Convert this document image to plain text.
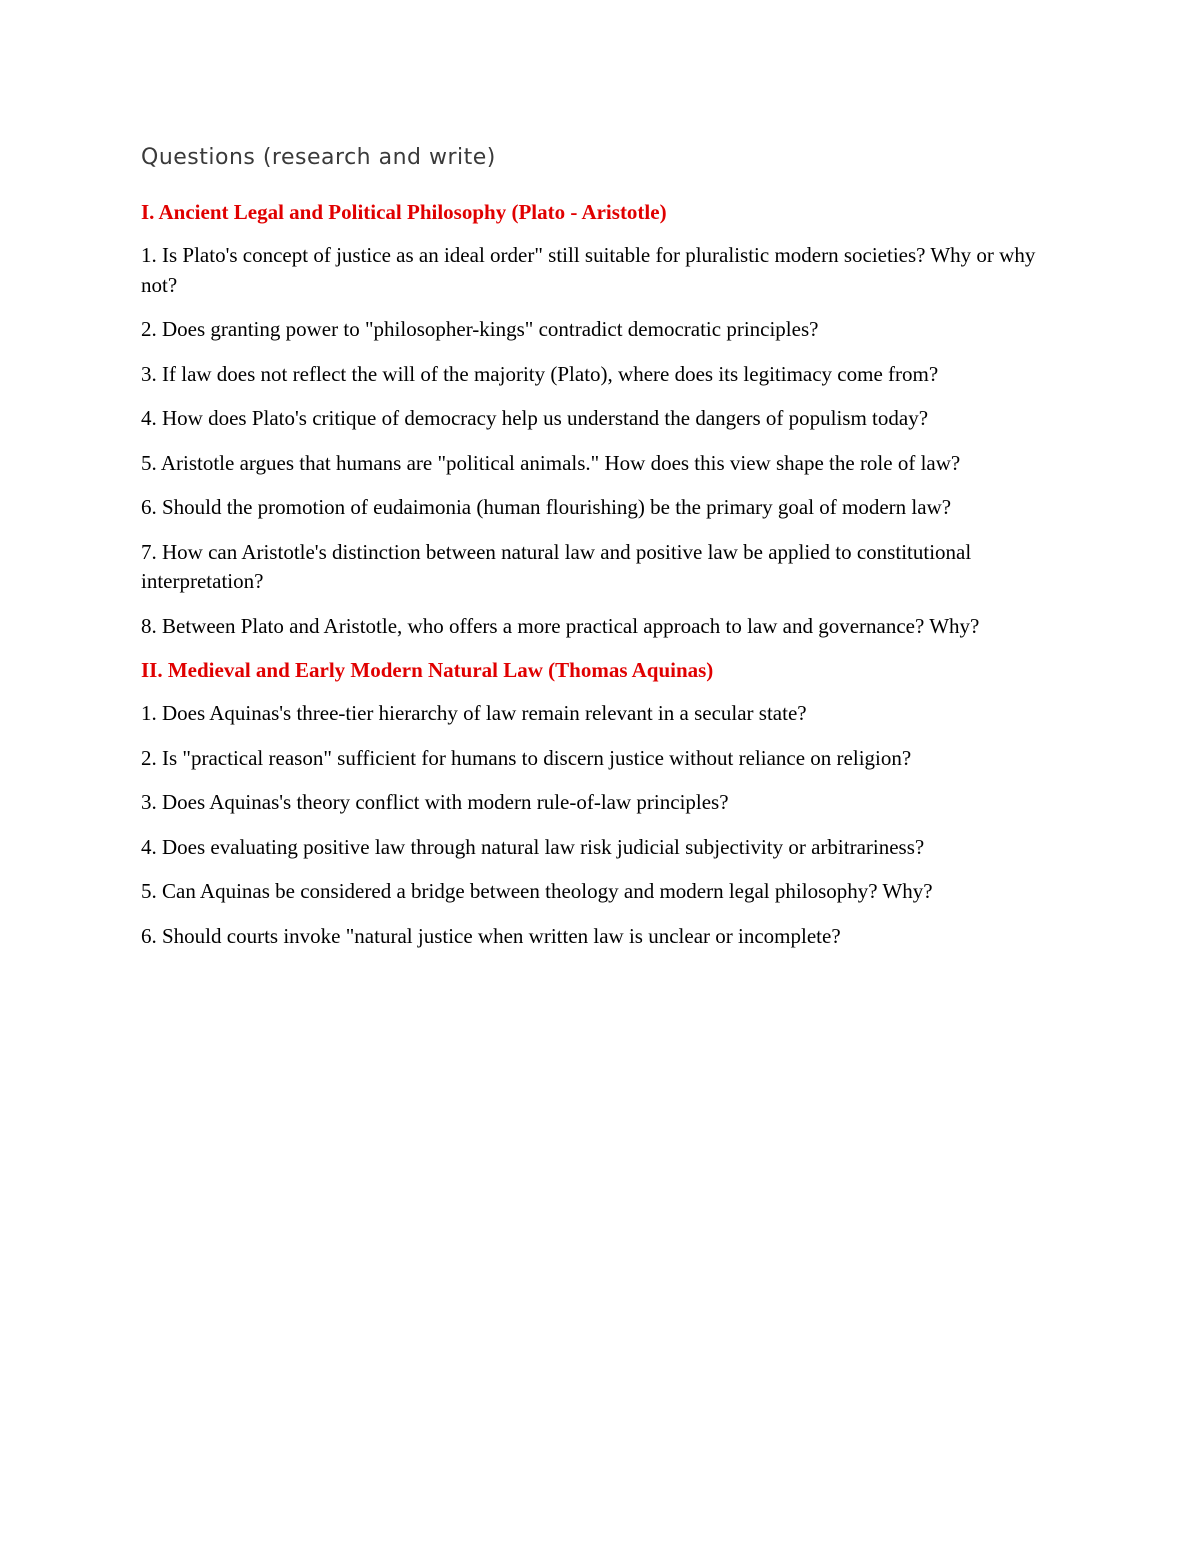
Questions (research and write)
I. Ancient Legal and Political Philosophy (Plato - Aristotle)

1. Is Plato's concept of justice as an ideal order" still suitable for pluralistic modern societies? Why or why not?

2. Does granting power to "philosopher-kings" contradict democratic principles?

3. If law does not reflect the will of the majority (Plato), where does its legitimacy come from?

4. How does Plato's critique of democracy help us understand the dangers of populism today?

5. Aristotle argues that humans are "political animals." How does this view shape the role of law?

6. Should the promotion of eudaimonia (human flourishing) be the primary goal of modern law?

7. How can Aristotle's distinction between natural law and positive law be applied to constitutional interpretation?

8. Between Plato and Aristotle, who offers a more practical approach to law and governance? Why?

II. Medieval and Early Modern Natural Law (Thomas Aquinas)

1. Does Aquinas's three-tier hierarchy of law remain relevant in a secular state?

2. Is "practical reason" sufficient for humans to discern justice without reliance on religion?

3. Does Aquinas's theory conflict with modern rule-of-law principles?

4. Does evaluating positive law through natural law risk judicial subjectivity or arbitrariness?

5. Can Aquinas be considered a bridge between theology and modern legal philosophy? Why?

6. Should courts invoke "natural justice when written law is unclear or incomplete?
